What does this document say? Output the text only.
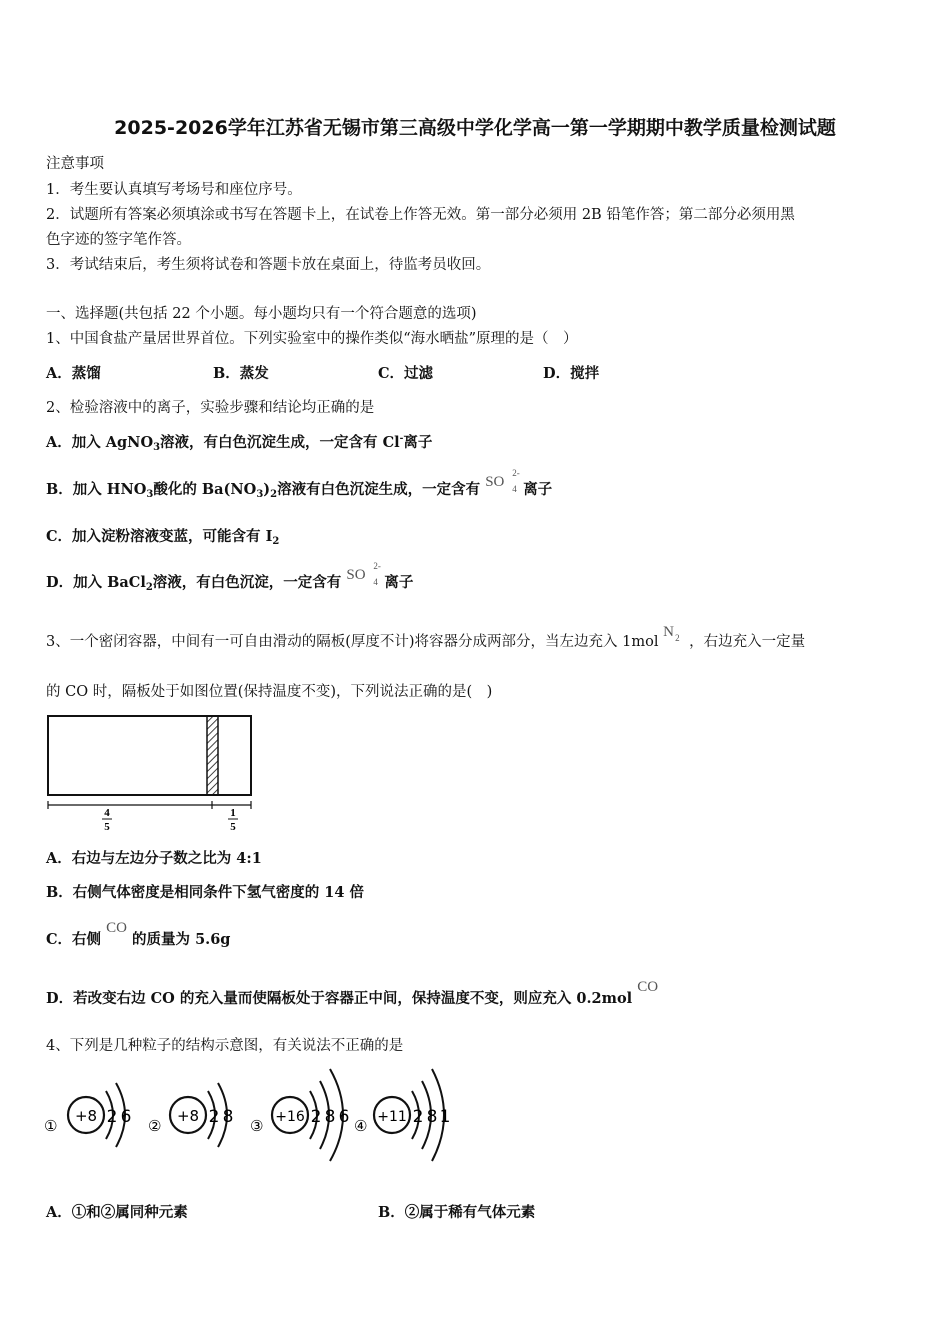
2025-2026学年江苏省无锡市第三高级中学化学高一第一学期期中教学质量检测试题
注意事项
1．考生要认真填写考场号和座位序号。
2．试题所有答案必须填涂或书写在答题卡上，在试卷上作答无效。第一部分必须用 2B 铅笔作答；第二部分必须用黑
色字迹的签字笔作答。
3．考试结束后，考生须将试卷和答题卡放在桌面上，待监考员收回。
一、选择题(共包括 22 个小题。每小题均只有一个符合题意的选项)
1、中国食盐产量居世界首位。下列实验室中的操作类似“海水晒盐”原理的是（　）
A．蒸馏	B．蒸发	C．过滤	D．搅拌
2、检验溶液中的离子，实验步骤和结论均正确的是
A．加入 AgNO$_3$溶液，有白色沉淀生成，一定含有 Cl-离子
B．加入 $HNO_3$酸化的 $Ba(NO_3)_2$溶液有白色沉淀生成，一定含有 SO 4
2-
离子
C．加入淀粉溶液变蓝，可能含有 $I_2$
D．加入 BaCl$_2$溶液，有白色沉淀，一定含有 SO 4
2-
离子
3、一个密闭容器，中间有一可自由滑动的隔板(厚度不计)将容器分成两部分，当左边充入 1mol N 2 ，右边充入一定量
的 CO 时，隔板处于如图位置(保持温度不变)，下列说法正确的是(　)
4
5
1
5
A．右边与左边分子数之比为 4:1
B．右侧气体密度是相同条件下氢气密度的 14 倍
C．右侧 CO 的质量为 5.6g
D．若改变右边 CO 的充入量而使隔板处于容器正中间，保持温度不变，则应充入 0.2mol CO
4、下列是几种粒子的结构示意图，有关说法不正确的是
①
+8 2 6 ②
+8 2 8 ③ +16 2 8 6 ④ +11 2 8 1
A．①和②属同种元素	B．②属于稀有气体元素
